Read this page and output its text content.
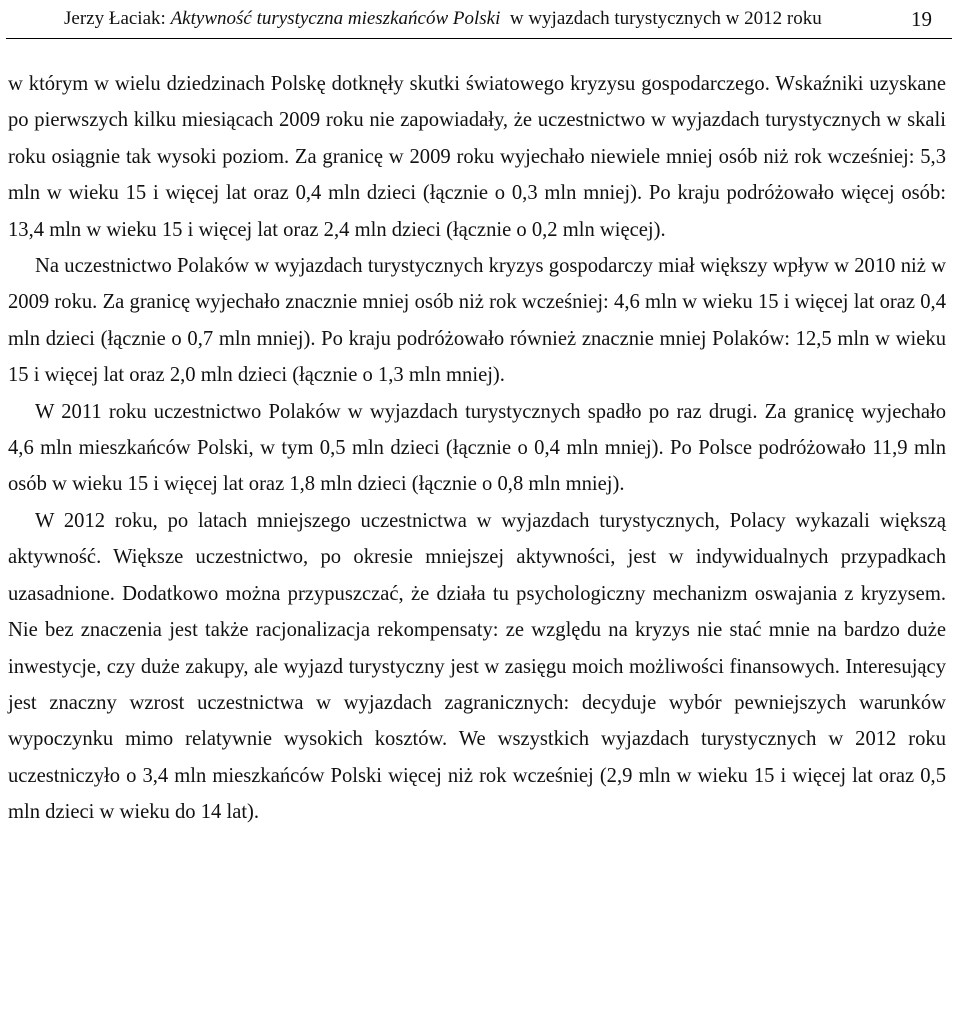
Jerzy Łaciak: Aktywność turystyczna mieszkańców Polski  w wyjazdach turystycznych w 2012 roku	19

w którym w wielu dziedzinach Polskę dotknęły skutki światowego kryzysu gospodarczego. Wskaźniki uzyskane po pierwszych kilku miesiącach 2009 roku nie zapowiadały, że uczestnictwo w wyjazdach turystycznych w skali roku osiągnie tak wysoki poziom. Za granicę w 2009 roku wyjechało niewiele mniej osób niż rok wcześniej: 5,3 mln w wieku 15 i więcej lat oraz 0,4 mln dzieci (łącznie o 0,3 mln mniej). Po kraju podróżowało więcej osób: 13,4 mln w wieku 15 i więcej lat oraz 2,4 mln dzieci (łącznie o 0,2 mln więcej).

Na uczestnictwo Polaków w wyjazdach turystycznych kryzys gospodarczy miał większy wpływ w 2010 niż w 2009 roku. Za granicę wyjechało znacznie mniej osób niż rok wcześniej: 4,6 mln w wieku 15 i więcej lat oraz 0,4 mln dzieci (łącznie o 0,7 mln mniej). Po kraju podróżowało również znacznie mniej Polaków: 12,5 mln w wieku 15 i więcej lat oraz 2,0 mln dzieci (łącznie o 1,3 mln mniej).

W 2011 roku uczestnictwo Polaków w wyjazdach turystycznych spadło po raz drugi. Za granicę wyjechało 4,6 mln mieszkańców Polski, w tym 0,5 mln dzieci (łącznie o 0,4 mln mniej). Po Polsce podróżowało 11,9 mln osób w wieku 15 i więcej lat oraz 1,8 mln dzieci (łącznie o 0,8 mln mniej).

W 2012 roku, po latach mniejszego uczestnictwa w wyjazdach turystycznych, Polacy wykazali większą aktywność. Większe uczestnictwo, po okresie mniejszej aktywności, jest w indywidualnych przypadkach uzasadnione. Dodatkowo można przypuszczać, że działa tu psychologiczny mechanizm oswajania z kryzysem. Nie bez znaczenia jest także racjonalizacja rekompensaty: ze względu na kryzys nie stać mnie na bardzo duże inwestycje, czy duże zakupy, ale wyjazd turystyczny jest w zasięgu moich możliwości finansowych. Interesujący jest znaczny wzrost uczestnictwa w wyjazdach zagranicznych: decyduje wybór pewniejszych warunków wypoczynku mimo relatywnie wysokich kosztów. We wszystkich wyjazdach turystycznych w 2012 roku uczestniczyło o 3,4 mln mieszkańców Polski więcej niż rok wcześniej (2,9 mln w wieku 15 i więcej lat oraz 0,5 mln dzieci w wieku do 14 lat).
